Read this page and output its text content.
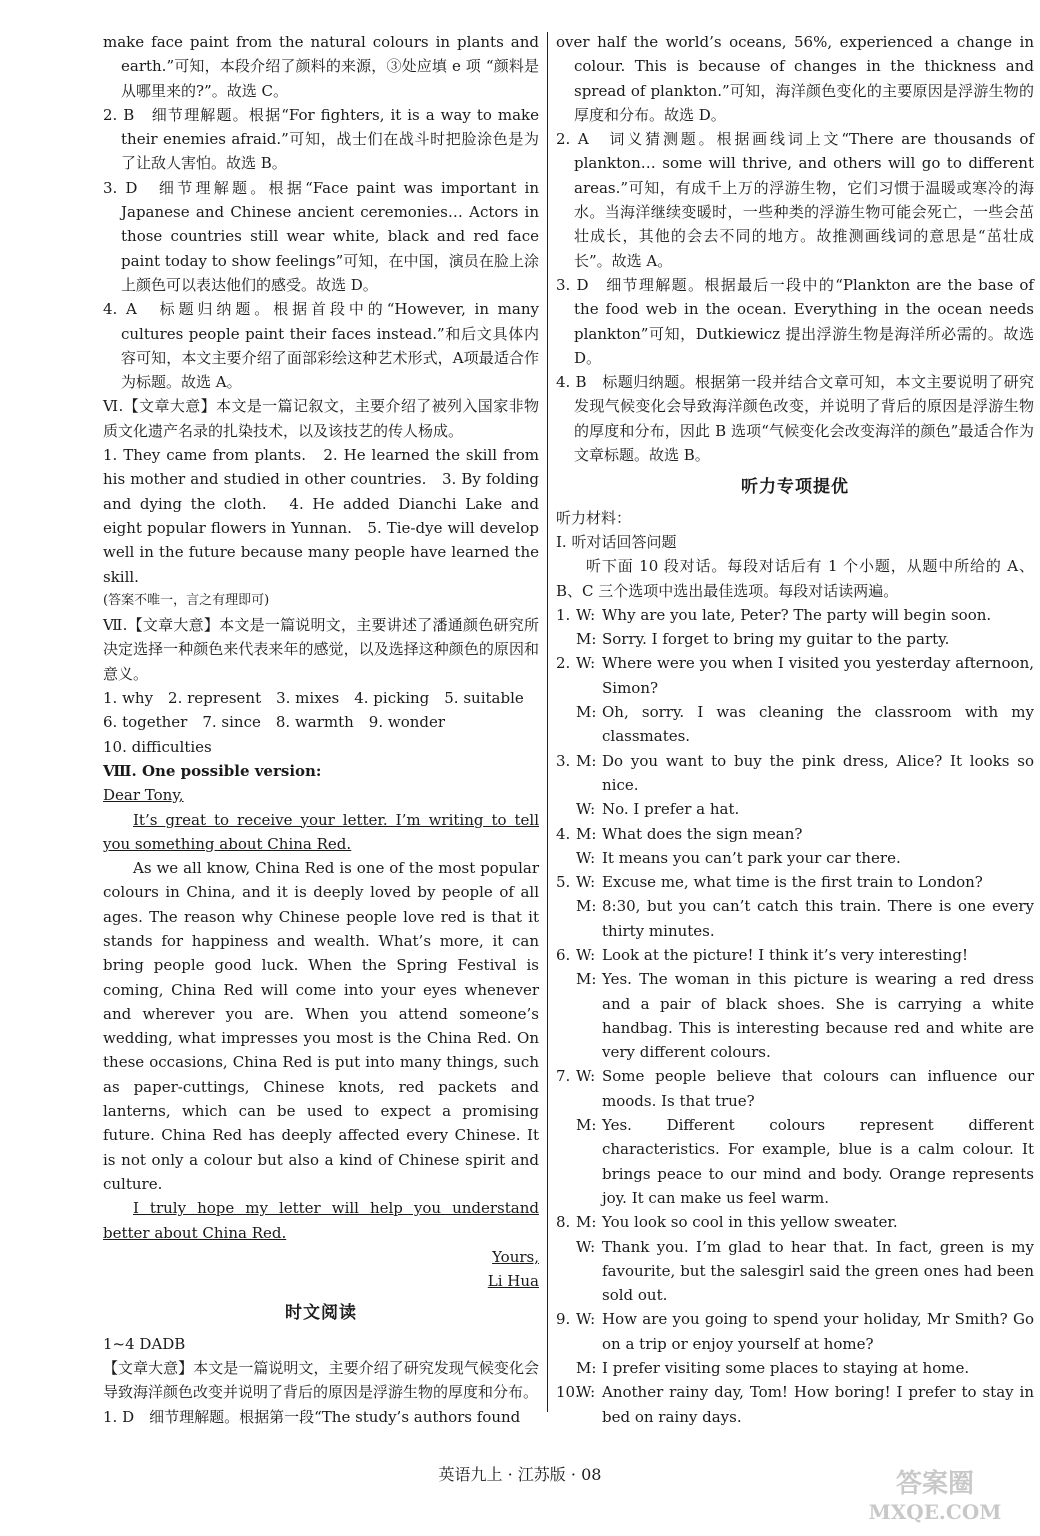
make face paint from the natural colours in plants and earth.”可知，本段介绍了颜料的来源，③处应填 e 项 “颜料是从哪里来的?”。故选 C。

2. B　细节理解题。根据“For fighters, it is a way to make their enemies afraid.”可知，战士们在战斗时把脸涂色是为了让敌人害怕。故选 B。

3. D　细节理解题。根据“Face paint was important in Japanese and Chinese ancient ceremonies… Actors in those countries still wear white, black and red face paint today to show feelings”可知，在中国，演员在脸上涂上颜色可以表达他们的感受。故选 D。

4. A　标题归纳题。根据首段中的“However, in many cultures people paint their faces instead.”和后文具体内容可知，本文主要介绍了面部彩绘这种艺术形式，A项最适合作为标题。故选 A。

Ⅵ.【文章大意】本文是一篇记叙文，主要介绍了被列入国家非物质文化遗产名录的扎染技术，以及该技艺的传人杨成。

1. They came from plants.　2. He learned the skill from his mother and studied in other countries.　3. By folding and dying the cloth.　4. He added Dianchi Lake and eight popular flowers in Yunnan.　5. Tie-dye will develop well in the future because many people have learned the skill.

(答案不唯一，言之有理即可)

Ⅶ.【文章大意】本文是一篇说明文，主要讲述了潘通颜色研究所决定选择一种颜色来代表来年的感觉，以及选择这种颜色的原因和意义。

1. why　2. represent　3. mixes　4. picking　5. suitable

6. together　7. since　8. warmth　9. wonder

10. difficulties

Ⅷ. One possible version:

Dear Tony,

It’s great to receive your letter. I’m writing to tell you something about China Red.

As we all know, China Red is one of the most popular colours in China, and it is deeply loved by people of all ages. The reason why Chinese people love red is that it stands for happiness and wealth. What’s more, it can bring people good luck. When the Spring Festival is coming, China Red will come into your eyes whenever and wherever you are. When you attend someone’s wedding, what impresses you most is the China Red. On these occasions, China Red is put into many things, such as paper-cuttings, Chinese knots, red packets and lanterns, which can be used to expect a promising future. China Red has deeply affected every Chinese. It is not only a colour but also a kind of Chinese spirit and culture.

I truly hope my letter will help you understand better about China Red.

Yours,

Li Hua

时文阅读

1~4 DADB

【文章大意】本文是一篇说明文，主要介绍了研究发现气候变化会导致海洋颜色改变并说明了背后的原因是浮游生物的厚度和分布。

1. D　细节理解题。根据第一段“The study’s authors found

over half the world’s oceans, 56%, experienced a change in colour. This is because of changes in the thickness and spread of plankton.”可知，海洋颜色变化的主要原因是浮游生物的厚度和分布。故选 D。

2. A　词义猜测题。根据画线词上文“There are thousands of plankton… some will thrive, and others will go to different areas.”可知，有成千上万的浮游生物，它们习惯于温暖或寒冷的海水。当海洋继续变暖时，一些种类的浮游生物可能会死亡，一些会茁壮成长，其他的会去不同的地方。故推测画线词的意思是“茁壮成长”。故选 A。

3. D　细节理解题。根据最后一段中的“Plankton are the base of the food web in the ocean. Everything in the ocean needs plankton”可知，Dutkiewicz 提出浮游生物是海洋所必需的。故选 D。

4. B　标题归纳题。根据第一段并结合文章可知，本文主要说明了研究发现气候变化会导致海洋颜色改变，并说明了背后的原因是浮游生物的厚度和分布，因此 B 选项“气候变化会改变海洋的颜色”最适合作为文章标题。故选 B。

听力专项提优

听力材料：

Ⅰ. 听对话回答问题

听下面 10 段对话。每段对话后有 1 个小题，从题中所给的 A、B、C 三个选项中选出最佳选项。每段对话读两遍。

1. W: Why are you late, Peter? The party will begin soon.
M: Sorry. I forget to bring my guitar to the party.
2. W: Where were you when I visited you yesterday afternoon, Simon?
M: Oh, sorry. I was cleaning the classroom with my classmates.
3. M: Do you want to buy the pink dress, Alice? It looks so nice.
W: No. I prefer a hat.
4. M: What does the sign mean?
W: It means you can’t park your car there.
5. W: Excuse me, what time is the first train to London?
M: 8:30, but you can’t catch this train. There is one every thirty minutes.
6. W: Look at the picture! I think it’s very interesting!
M: Yes. The woman in this picture is wearing a red dress and a pair of black shoes. She is carrying a white handbag. This is interesting because red and white are very different colours.
7. W: Some people believe that colours can influence our moods. Is that true?
M: Yes. Different colours represent different characteristics. For example, blue is a calm colour. It brings peace to our mind and body. Orange represents joy. It can make us feel warm.
8. M: You look so cool in this yellow sweater.
W: Thank you. I’m glad to hear that. In fact, green is my favourite, but the salesgirl said the green ones had been sold out.
9. W: How are you going to spend your holiday, Mr Smith? Go on a trip or enjoy yourself at home?
M: I prefer visiting some places to staying at home.
10.
W: Another rainy day, Tom! How boring! I prefer to stay in bed on rainy days.
英语九上 · 江苏版 · 08	答案圈
MXQE.COM
